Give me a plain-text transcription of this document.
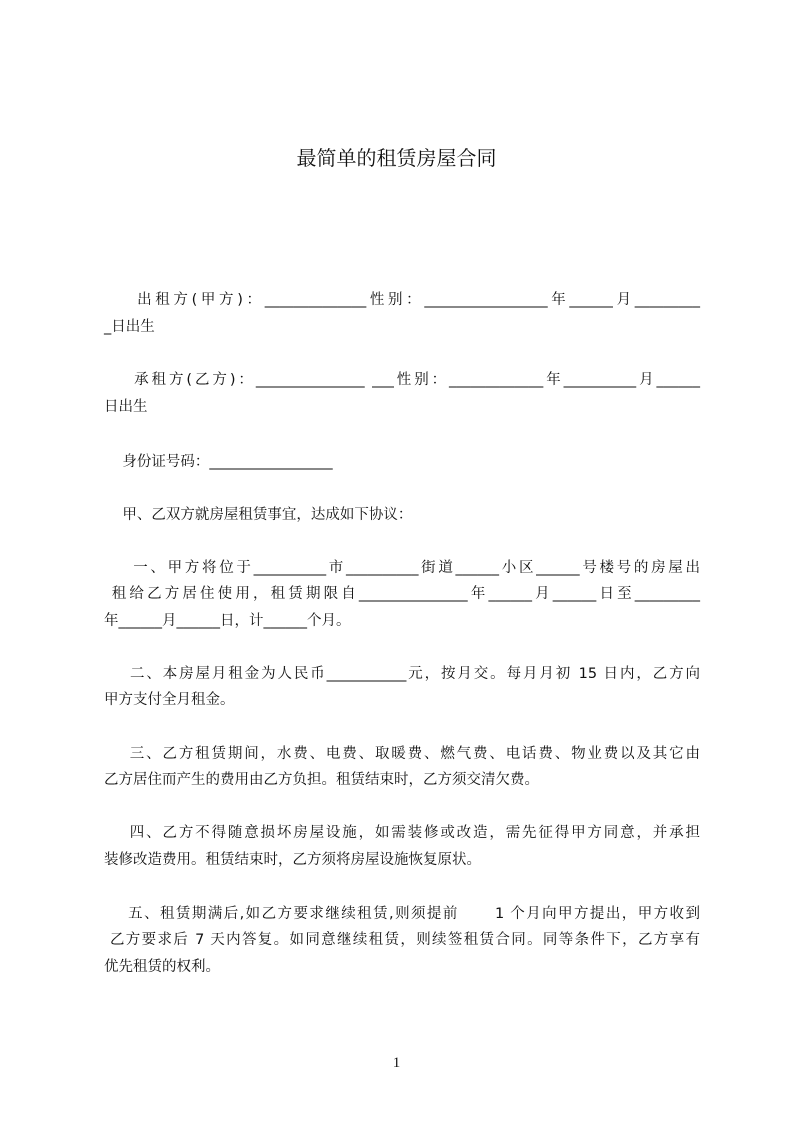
最简单的租赁房屋合同
出租方(甲方)：______________性别：_________________年______月_________
_日出生
承租方(乙方)：_______________ ___性别：_____________年__________月______
日出生
身份证号码：_________________
甲、乙双方就房屋租赁事宜，达成如下协议：
一、甲方将位于__________市__________街道______小区______号楼号的房屋出
租给乙方居住使用，租赁期限自_______________年______月______日至_________
年______月______日，计______个月。
二、本房屋月租金为人民币___________元，按月交。每月月初 15 日内，乙方向
甲方支付全月租金。
三、乙方租赁期间，水费、电费、取暖费、燃气费、电话费、物业费以及其它由
乙方居住而产生的费用由乙方负担。租赁结束时，乙方须交清欠费。
四、乙方不得随意损坏房屋设施，如需装修或改造，需先征得甲方同意，并承担
装修改造费用。租赁结束时，乙方须将房屋设施恢复原状。
五、租赁期满后,如乙方要求继续租赁,则须提前      1 个月向甲方提出，甲方收到
乙方要求后 7 天内答复。如同意继续租赁，则续签租赁合同。同等条件下，乙方享有
优先租赁的权利。
1
